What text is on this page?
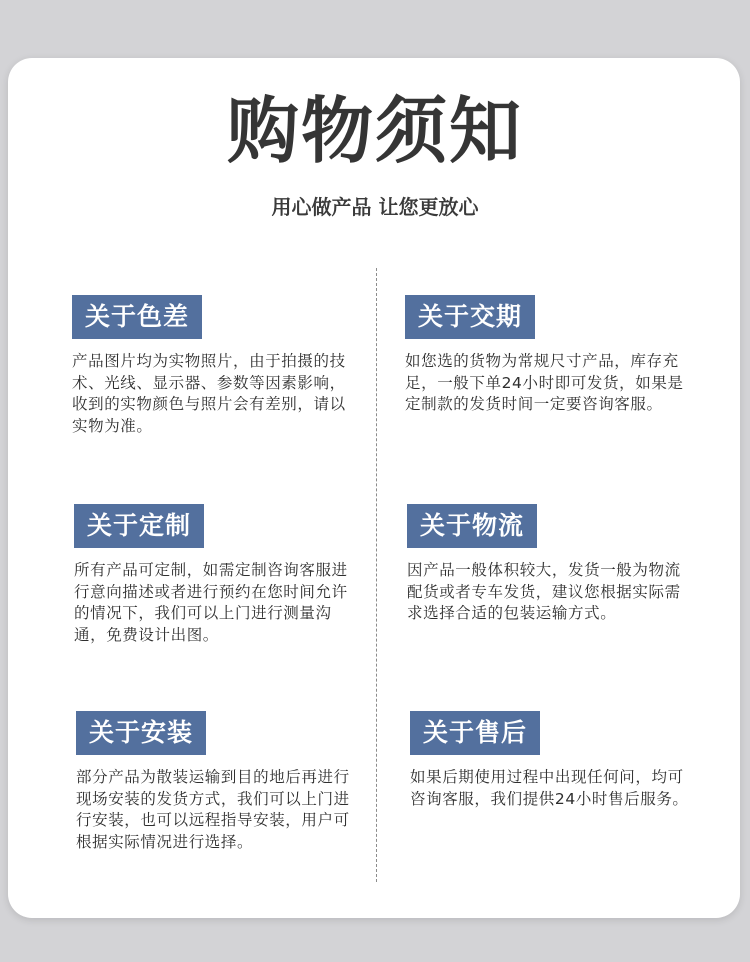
购物须知
用心做产品 让您更放心
关于色差
产品图片均为实物照片，由于拍摄的技术、光线、显示器、参数等因素影响，收到的实物颜色与照片会有差别，请以实物为准。
关于交期
如您选的货物为常规尺寸产品，库存充足，一般下单24小时即可发货，如果是定制款的发货时间一定要咨询客服。
关于定制
所有产品可定制，如需定制咨询客服进行意向描述或者进行预约在您时间允许的情况下，我们可以上门进行测量沟通，免费设计出图。
关于物流
因产品一般体积较大，发货一般为物流配货或者专车发货，建议您根据实际需求选择合适的包装运输方式。
关于安装
部分产品为散装运输到目的地后再进行现场安装的发货方式，我们可以上门进行安装，也可以远程指导安装，用户可根据实际情况进行选择。
关于售后
如果后期使用过程中出现任何问，均可咨询客服，我们提供24小时售后服务。
